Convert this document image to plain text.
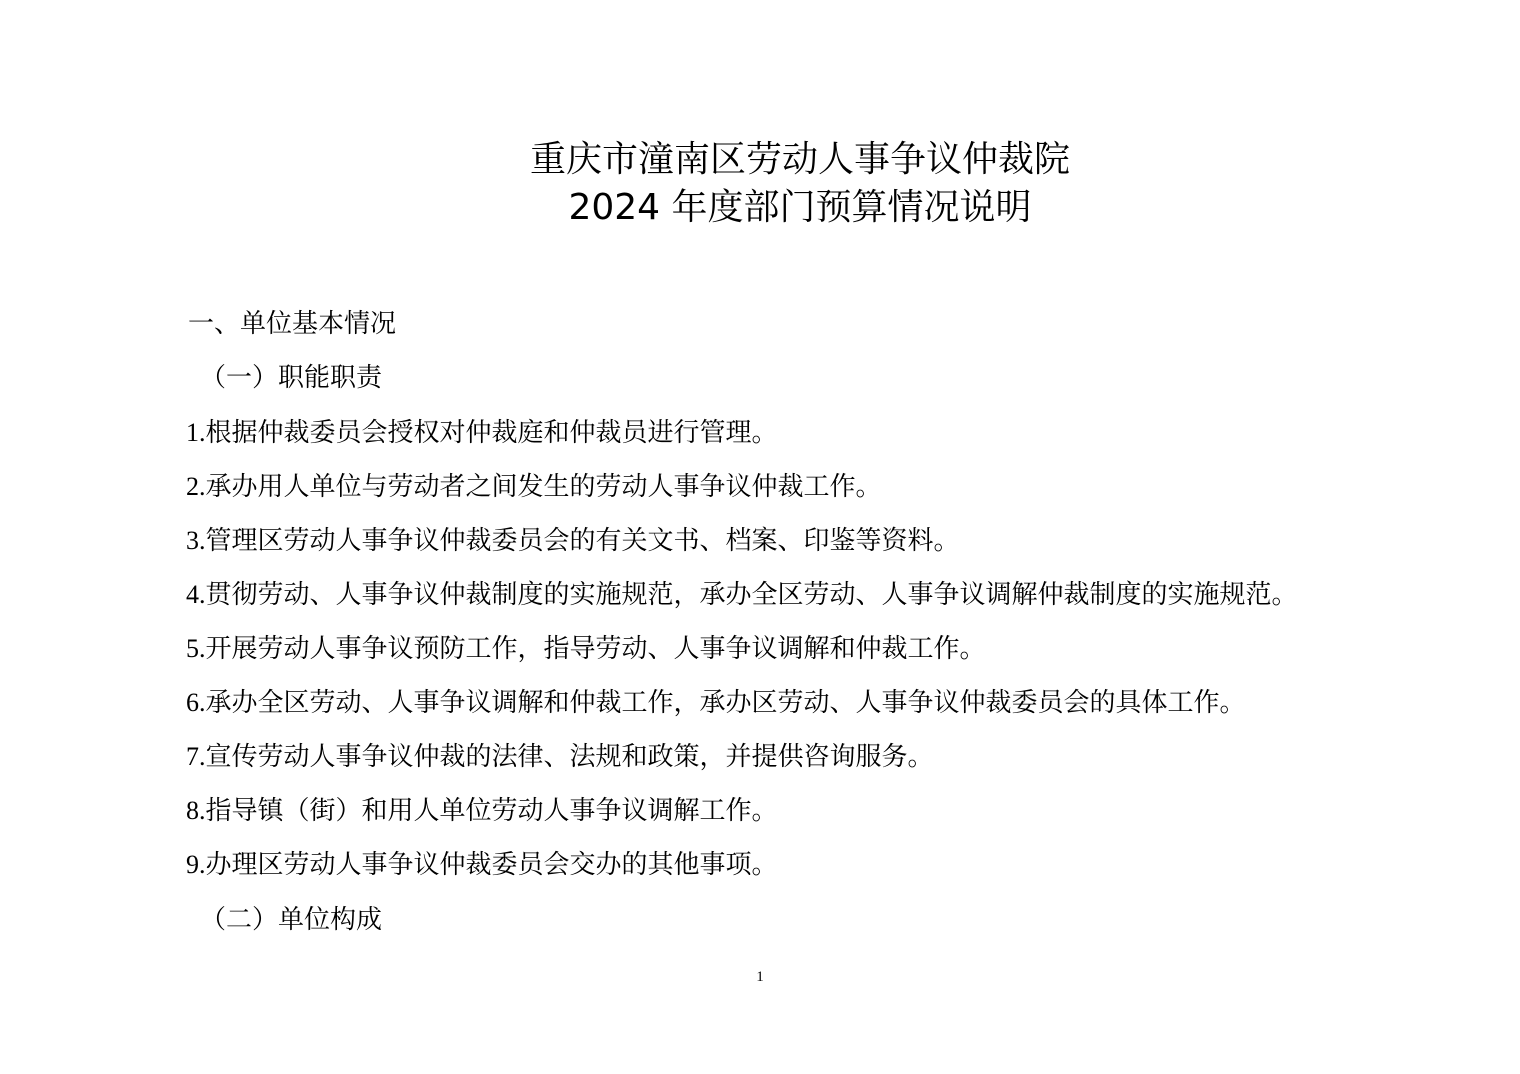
重庆市潼南区劳动人事争议仲裁院
2024 年度部门预算情况说明
一、单位基本情况
（一）职能职责
1.根据仲裁委员会授权对仲裁庭和仲裁员进行管理。
2.承办用人单位与劳动者之间发生的劳动人事争议仲裁工作。
3.管理区劳动人事争议仲裁委员会的有关文书、档案、印鉴等资料。
4.贯彻劳动、人事争议仲裁制度的实施规范，承办全区劳动、人事争议调解仲裁制度的实施规范。
5.开展劳动人事争议预防工作，指导劳动、人事争议调解和仲裁工作。
6.承办全区劳动、人事争议调解和仲裁工作，承办区劳动、人事争议仲裁委员会的具体工作。
7.宣传劳动人事争议仲裁的法律、法规和政策，并提供咨询服务。
8.指导镇（街）和用人单位劳动人事争议调解工作。
9.办理区劳动人事争议仲裁委员会交办的其他事项。
（二）单位构成
1
